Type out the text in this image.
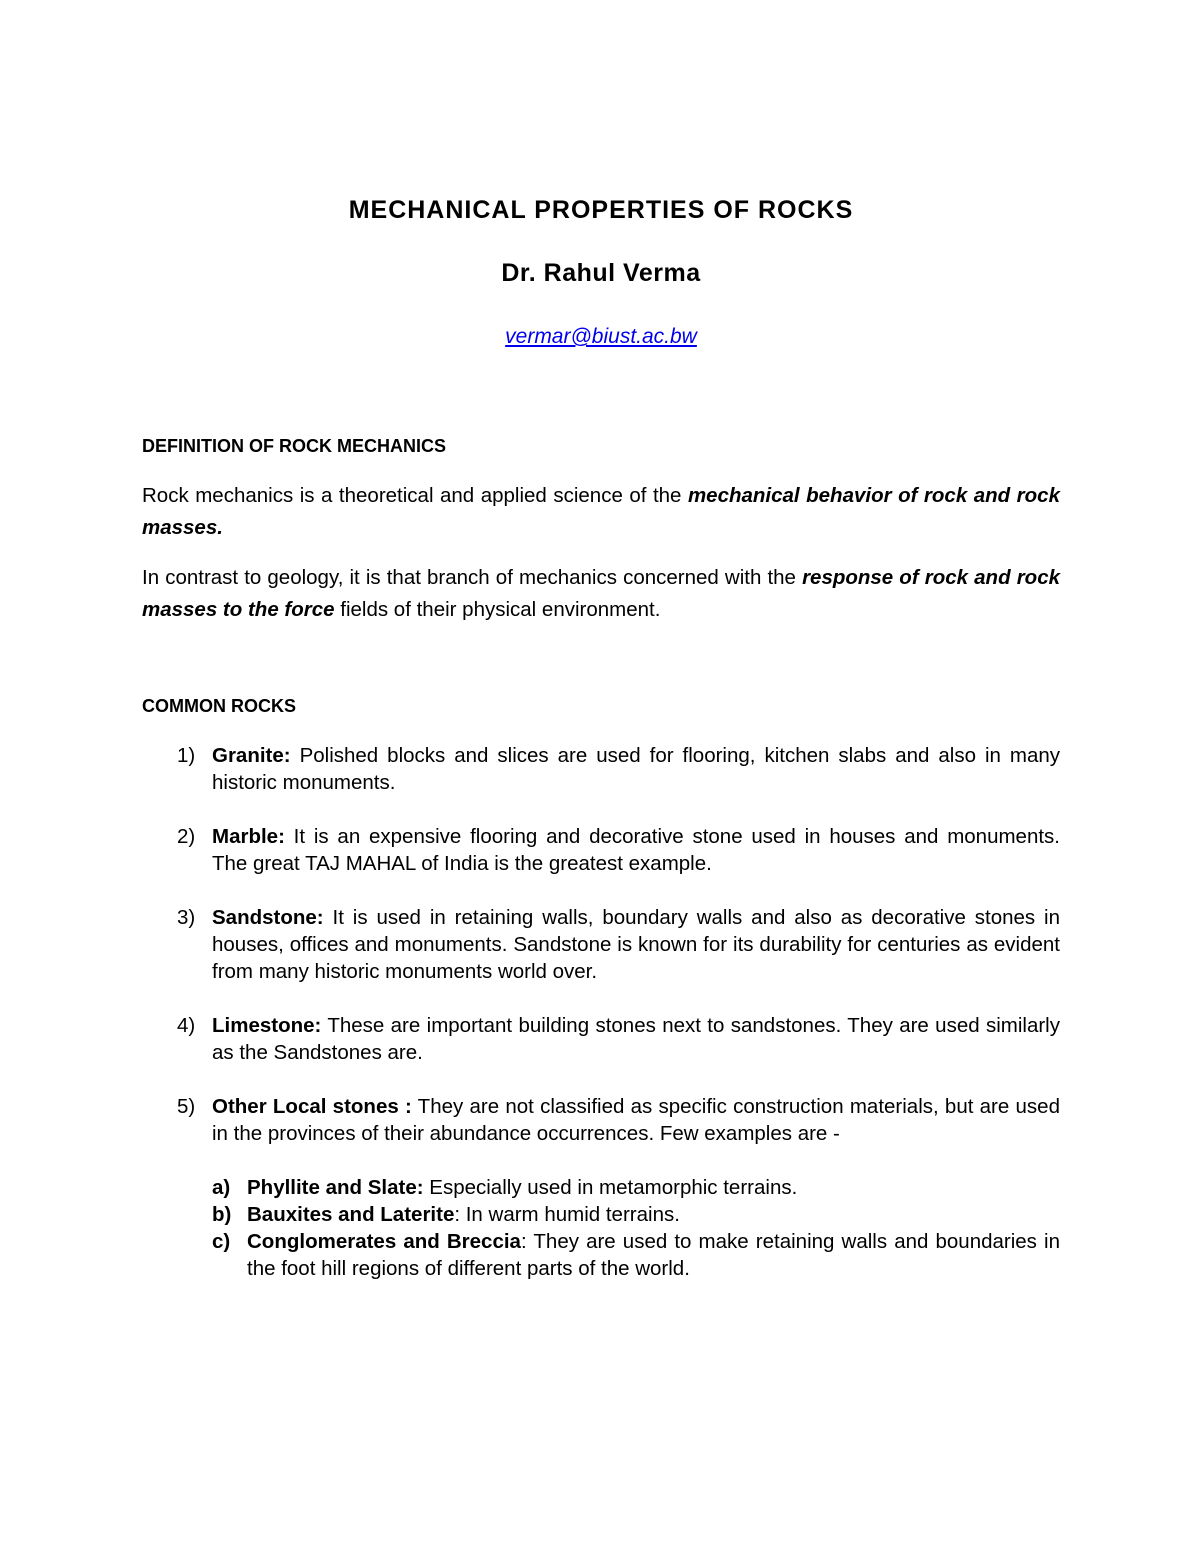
MECHANICAL PROPERTIES OF ROCKS
Dr. Rahul Verma
vermar@biust.ac.bw
DEFINITION OF ROCK MECHANICS
Rock mechanics is a theoretical and applied science of the mechanical behavior of rock and rock masses.
In contrast to geology, it is that branch of mechanics concerned with the response of rock and rock masses to the force fields of their physical environment.
COMMON ROCKS
1) Granite: Polished blocks and slices are used for flooring, kitchen slabs and also in many historic monuments.
2) Marble: It is an expensive flooring and decorative stone used in houses and monuments. The great TAJ MAHAL of India is the greatest example.
3) Sandstone: It is used in retaining walls, boundary walls and also as decorative stones in houses, offices and monuments. Sandstone is known for its durability for centuries as evident from many historic monuments world over.
4) Limestone: These are important building stones next to sandstones. They are used similarly as the Sandstones are.
5) Other Local stones : They are not classified as specific construction materials, but are used in the provinces of their abundance occurrences. Few examples are -
a) Phyllite and Slate: Especially used in metamorphic terrains.
b) Bauxites and Laterite: In warm humid terrains.
c) Conglomerates and Breccia: They are used to make retaining walls and boundaries in the foot hill regions of different parts of the world.
